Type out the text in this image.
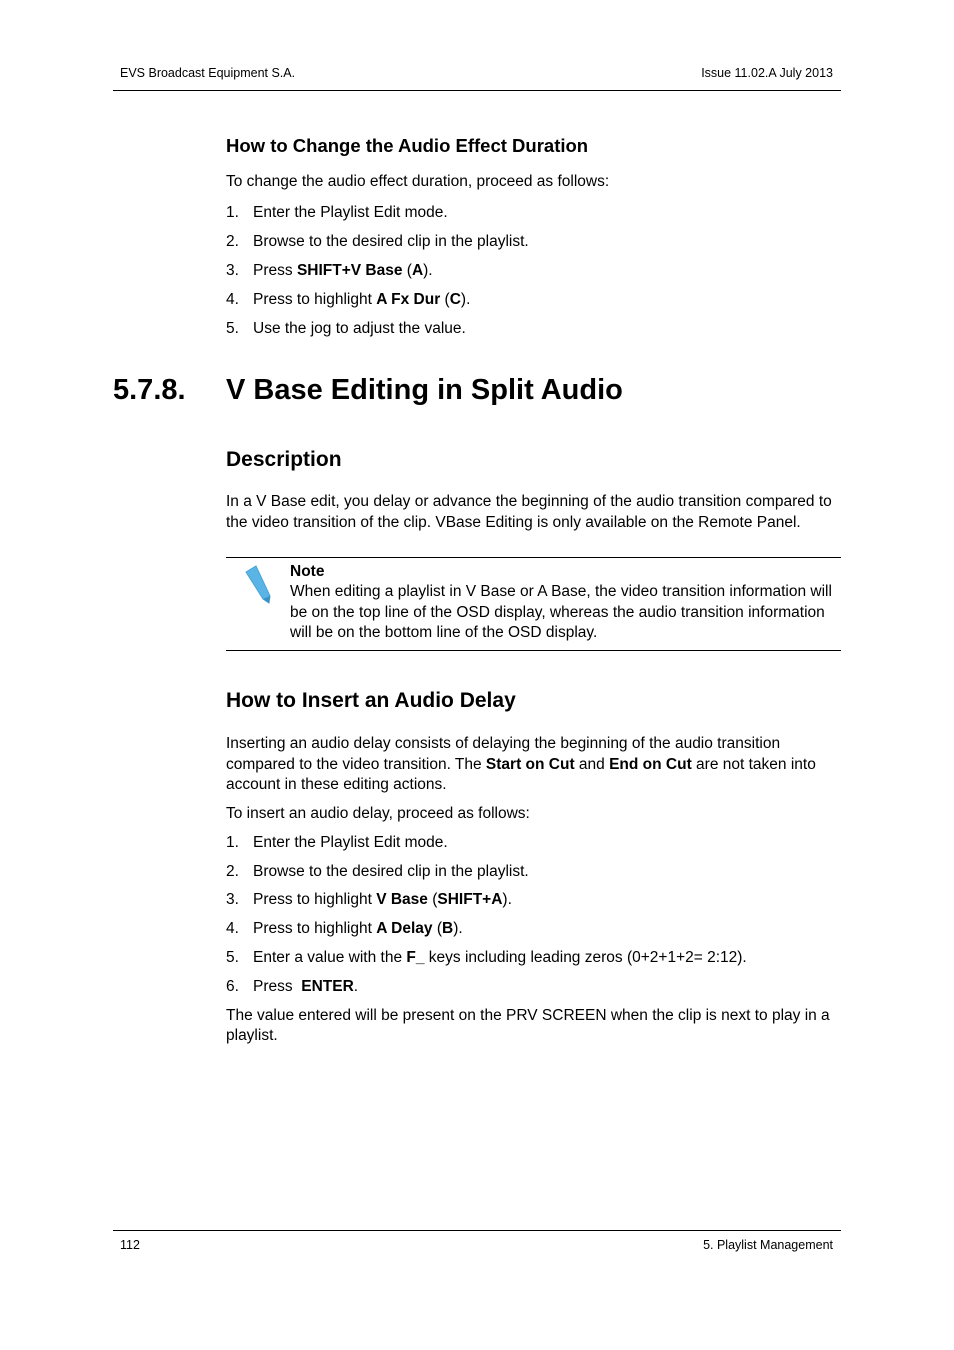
EVS Broadcast Equipment S.A.	Issue 11.02.A July 2013
How to Change the Audio Effect Duration
To change the audio effect duration, proceed as follows:
1. Enter the Playlist Edit mode.
2. Browse to the desired clip in the playlist.
3. Press SHIFT+V Base (A).
4. Press to highlight A Fx Dur (C).
5. Use the jog to adjust the value.
5.7.8. V Base Editing in Split Audio
Description
In a V Base edit, you delay or advance the beginning of the audio transition compared to
the video transition of the clip. VBase Editing is only available on the Remote Panel.
Note
When editing a playlist in V Base or A Base, the video transition information will
be on the top line of the OSD display, whereas the audio transition information
will be on the bottom line of the OSD display.
How to Insert an Audio Delay
Inserting an audio delay consists of delaying the beginning of the audio transition
compared to the video transition. The Start on Cut and End on Cut are not taken into
account in these editing actions.
To insert an audio delay, proceed as follows:
1. Enter the Playlist Edit mode.
2. Browse to the desired clip in the playlist.
3. Press to highlight V Base (SHIFT+A).
4. Press to highlight A Delay (B).
5. Enter a value with the F_ keys including leading zeros (0+2+1+2= 2:12).
6. Press  ENTER.
The value entered will be present on the PRV SCREEN when the clip is next to play in a
playlist.
112	5. Playlist Management
